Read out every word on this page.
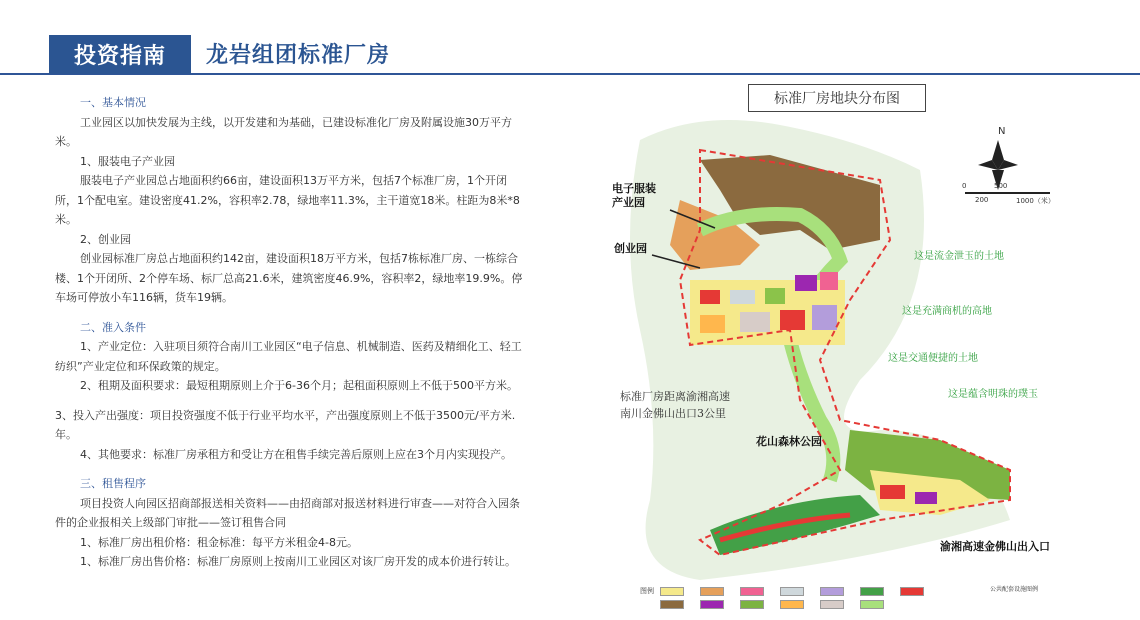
投资指南	龙岩组团标准厂房

一、基本情况

工业园区以加快发展为主线，以开发建和为基础，已建设标准化厂房及附属设施30万平方米。

1、服装电子产业园

服装电子产业园总占地面积约66亩，建设面积13万平方米，包括7个标准厂房，1个开闭所，1个配电室。建设密度41.2%，容积率2.78，绿地率11.3%，主干道宽18米。柱距为8米*8米。

2、创业园

创业园标准厂房总占地面积约142亩，建设面积18万平方米，包括7栋标准厂房、一栋综合楼、1个开闭所、2个停车场、标厂总高21.6米，建筑密度46.9%，容积率2，绿地率19.9%。停车场可停放小车116辆，货车19辆。

二、准入条件

1、产业定位：入驻项目须符合南川工业园区“电子信息、机械制造、医药及精细化工、轻工纺织”产业定位和环保政策的规定。

2、租期及面积要求：最短租期原则上介于6-36个月；起租面积原则上不低于500平方米。

3、投入产出强度：项目投资强度不低于行业平均水平，产出强度原则上不低于3500元/平方米.年。

4、其他要求：标准厂房承租方和受让方在租售手续完善后原则上应在3个月内实现投产。

三、租售程序

项目投资人向园区招商部报送相关资料——由招商部对报送材料进行审查——对符合入园条件的企业报相关上级部门审批——签订租售合同

1、标准厂房出租价格：租金标准：每平方米租金4-8元。

1、标准厂房出售价格：标准厂房原则上按南川工业园区对该厂房开发的成本价进行转让。

标准厂房地块分布图
N
0	500
200	1000（米）
电子服装
产业园
创业园
花山森林公园
渝湘高速金佛山出入口
标准厂房距离渝湘高速
南川金佛山出口3公里
这是流金泄玉的土地
这是充满商机的高地
这是交通便捷的土地
这是蕴含明珠的璞玉
图例	公共配套设施图例
